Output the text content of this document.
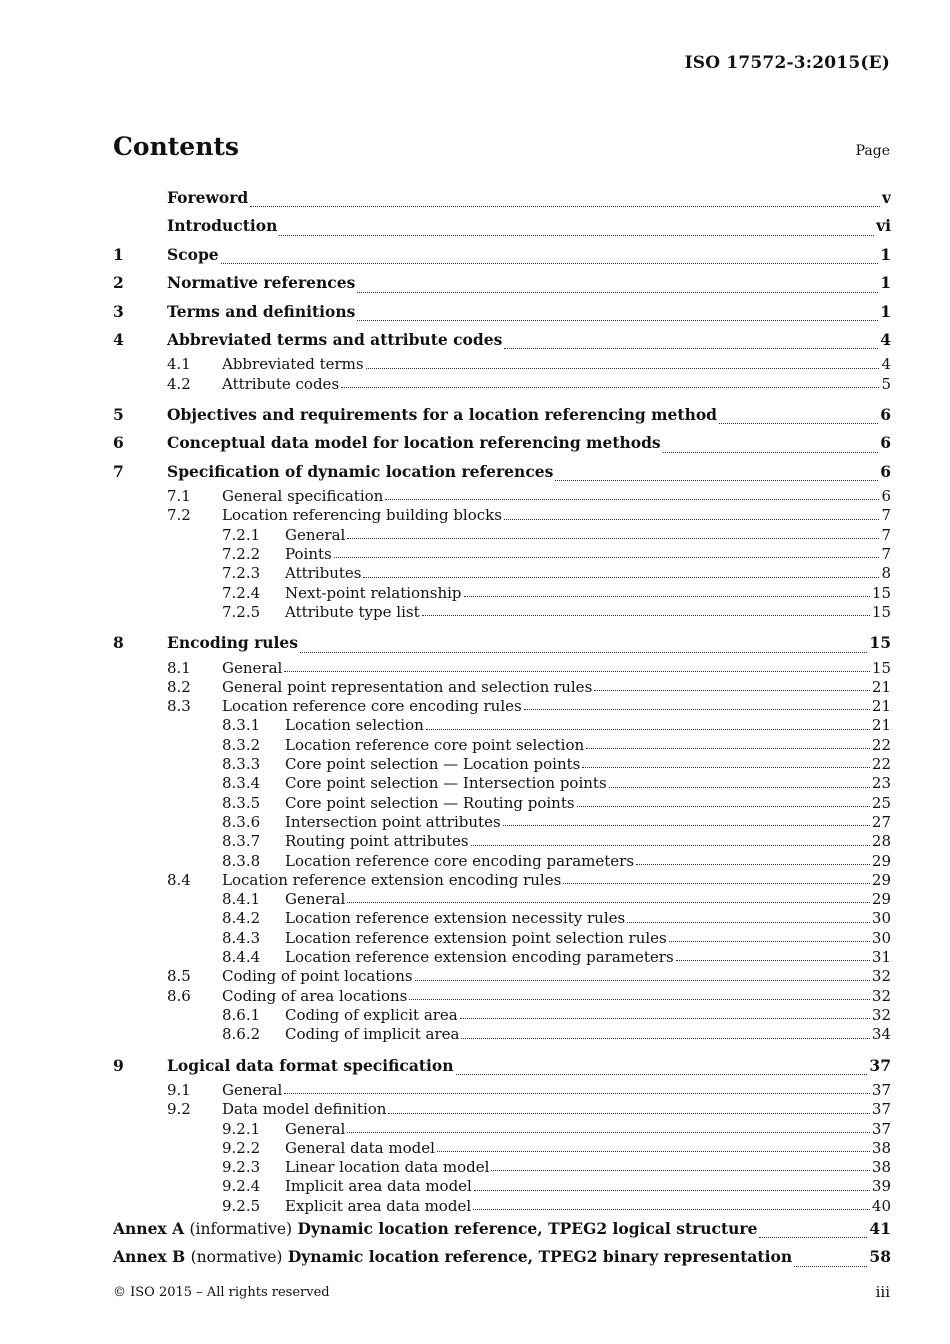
ISO 17572-3:2015(E)
Contents	Page
Foreword	v
Introduction	vi
1	Scope	1
2	Normative references	1
3	Terms and definitions	1
4	Abbreviated terms and attribute codes	4
4.1	Abbreviated terms	4
4.2	Attribute codes	5
5	Objectives and requirements for a location referencing method	6
6	Conceptual data model for location referencing methods	6
7	Specification of dynamic location references	6
7.1	General specification	6
7.2	Location referencing building blocks	7
7.2.1	General	7
7.2.2	Points	7
7.2.3	Attributes	8
7.2.4	Next-point relationship	15
7.2.5	Attribute type list	15
8	Encoding rules	15
8.1	General	15
8.2	General point representation and selection rules	21
8.3	Location reference core encoding rules	21
8.3.1	Location selection	21
8.3.2	Location reference core point selection	22
8.3.3	Core point selection — Location points	22
8.3.4	Core point selection — Intersection points	23
8.3.5	Core point selection — Routing points	25
8.3.6	Intersection point attributes	27
8.3.7	Routing point attributes	28
8.3.8	Location reference core encoding parameters	29
8.4	Location reference extension encoding rules	29
8.4.1	General	29
8.4.2	Location reference extension necessity rules	30
8.4.3	Location reference extension point selection rules	30
8.4.4	Location reference extension encoding parameters	31
8.5	Coding of point locations	32
8.6	Coding of area locations	32
8.6.1	Coding of explicit area	32
8.6.2	Coding of implicit area	34
9	Logical data format specification	37
9.1	General	37
9.2	Data model definition	37
9.2.1	General	37
9.2.2	General data model	38
9.2.3	Linear location data model	38
9.2.4	Implicit area data model	39
9.2.5	Explicit area data model	40
Annex A (informative) Dynamic location reference, TPEG2 logical structure	41
Annex B (normative) Dynamic location reference, TPEG2 binary representation	58
© ISO 2015 – All rights reserved	iii
